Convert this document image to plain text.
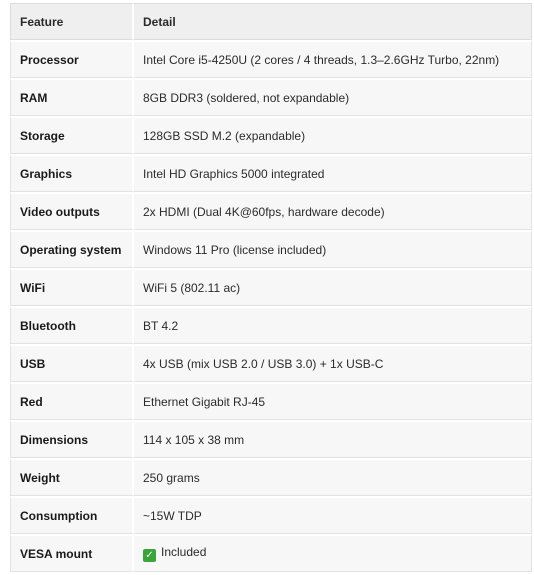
Feature	Detail
Processor	Intel Core i5-4250U (2 cores / 4 threads, 1.3–2.6GHz Turbo, 22nm)
RAM	8GB DDR3 (soldered, not expandable)
Storage	128GB SSD M.2 (expandable)
Graphics	Intel HD Graphics 5000 integrated
Video outputs	2x HDMI (Dual 4K@60fps, hardware decode)
Operating system	Windows 11 Pro (license included)
WiFi	WiFi 5 (802.11 ac)
Bluetooth	BT 4.2
USB	4x USB (mix USB 2.0 / USB 3.0) + 1x USB-C
Red	Ethernet Gigabit RJ-45
Dimensions	114 x 105 x 38 mm
Weight	250 grams
Consumption	~15W TDP
VESA mount	✓ Included
